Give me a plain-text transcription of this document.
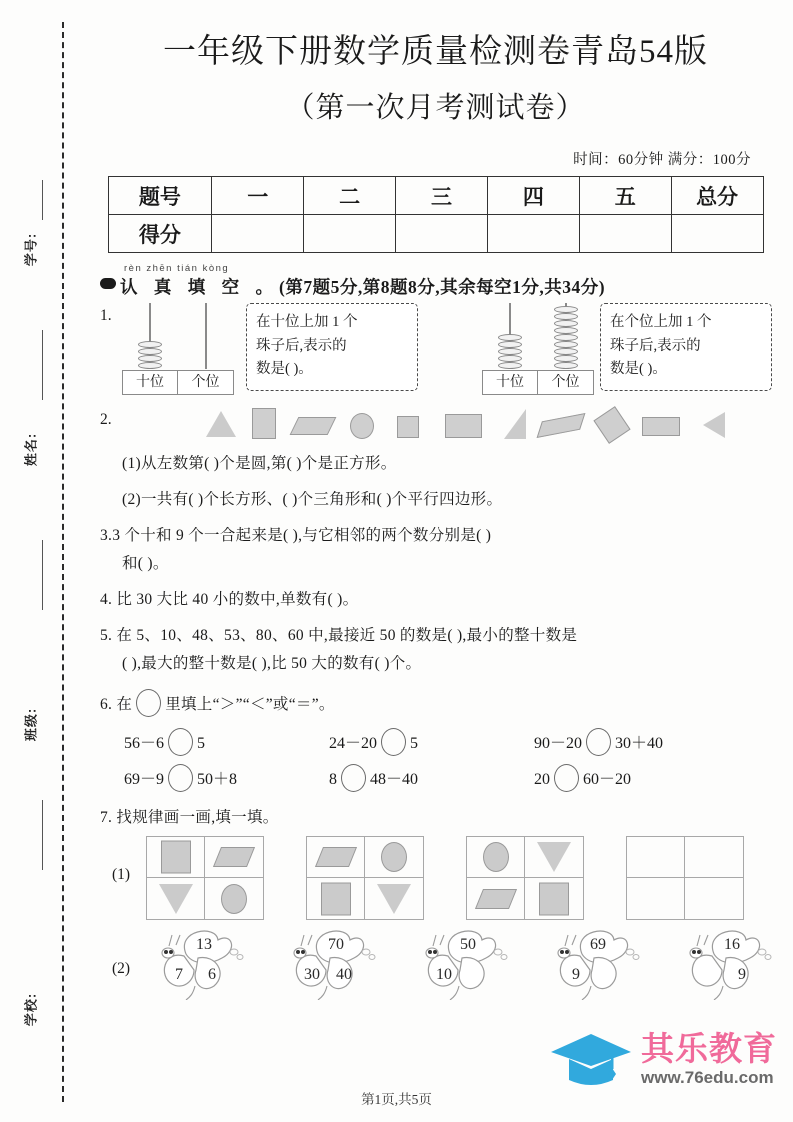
学号:
姓名:
班级:
学校:
一年级下册数学质量检测卷青岛54版
（第一次月考测试卷）
时间：60分钟 满分：100分
题号	一	二	三	四	五	总分
得分						
rèn zhēn tián kòng
认 真 填 空 。(第7题5分,第8题8分,其余每空1分,共34分)
1.
十位	个位
在十位上加 1 个
珠子后,表示的
数是( )。
十位	个位
在个位上加 1 个
珠子后,表示的
数是( )。
2.
(1)从左数第( )个是圆,第( )个是正方形。
(2)一共有( )个长方形、( )个三角形和( )个平行四边形。
3.3 个十和 9 个一合起来是( ),与它相邻的两个数分别是( )
和( )。
4. 比 30 大比 40 小的数中,单数有( )。
5. 在 5、10、48、53、80、60 中,最接近 50 的数是( ),最小的整十数是
( ),最大的整十数是( ),比 50 大的数有( )个。
6. 在 里填上“＞”“＜”或“＝”。
56－6 5	24－20 5	90－20 30＋40
69－9 50＋8	8 48－40	20 60－20
7. 找规律画一画,填一填。
(1)
(2)
13
7 6
70
30 40
50
10
69
9
16
9
其乐教育
www.76edu.com
第1页,共5页
